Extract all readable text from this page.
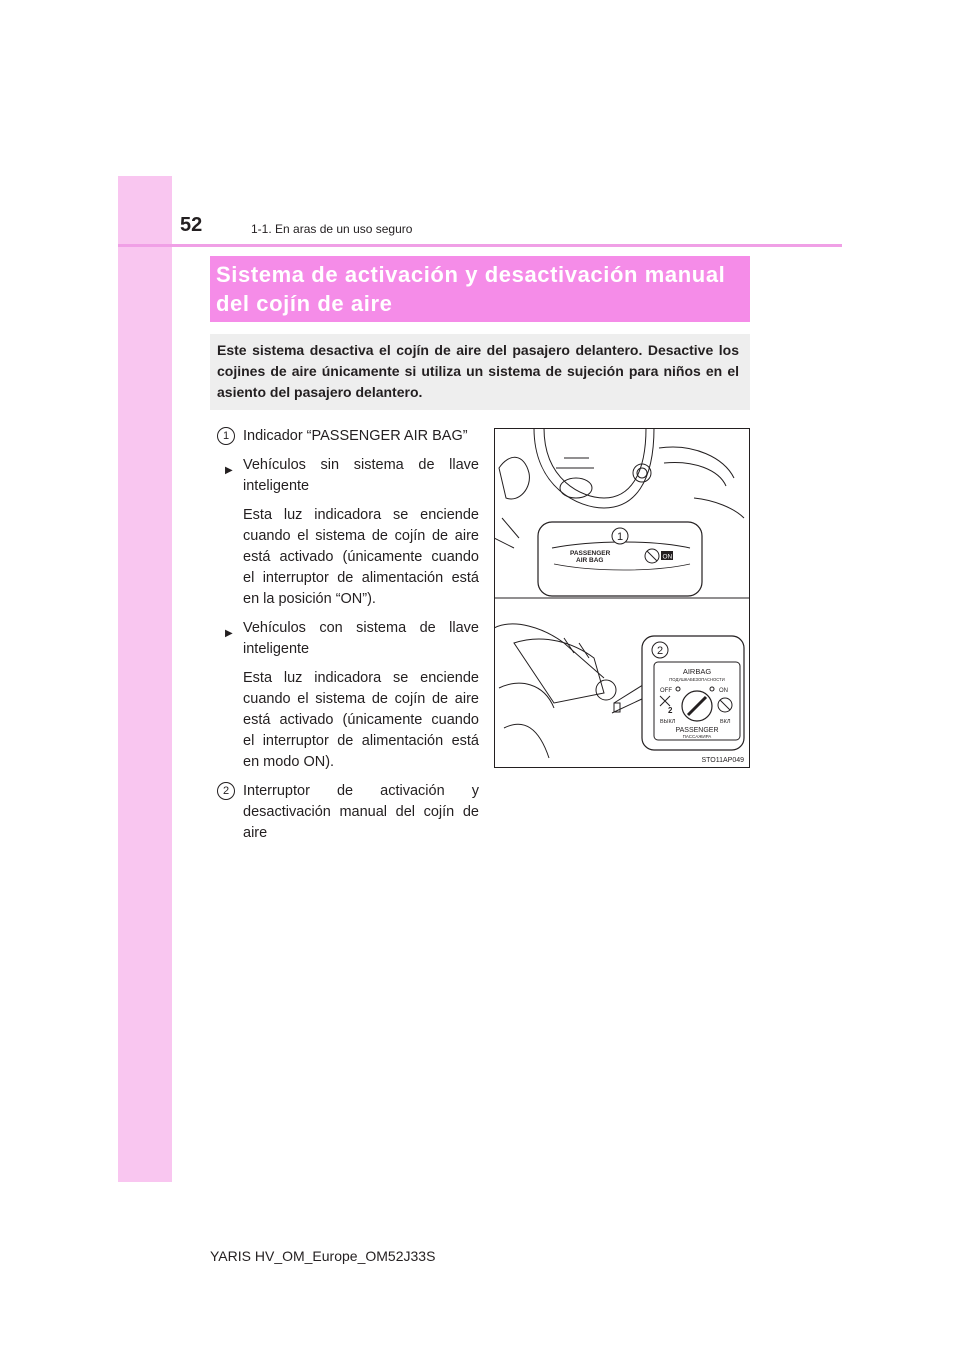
52	1-1. En aras de un uso seguro
Sistema de activación y desactivación manual del cojín de aire
Este sistema desactiva el cojín de aire del pasajero delantero. Desactive los cojines de aire únicamente si utiliza un sistema de sujeción para niños en el asiento del pasajero delantero.
1 Indicador “PASSENGER AIR BAG”
▶ Vehículos sin sistema de llave inteligente
Esta luz indicadora se enciende cuando el sistema de cojín de aire está activado (únicamente cuando el interruptor de alimentación está en la posición “ON”).
▶ Vehículos con sistema de llave inteligente
Esta luz indicadora se enciende cuando el sistema de cojín de aire está activado (únicamente cuando el interruptor de alimentación está en modo ON).
2 Interruptor de activación y desactivación manual del cojín de aire
PASSENGER
AIR BAG	ON
1
2
AIRBAG
ПОДУШКАБЕЗОПАСНОСТИ
OFF	ON
2
ВЫКЛ	ВКЛ
PASSENGER
ПАССАЖИРА
STO11AP049
YARIS HV_OM_Europe_OM52J33S
